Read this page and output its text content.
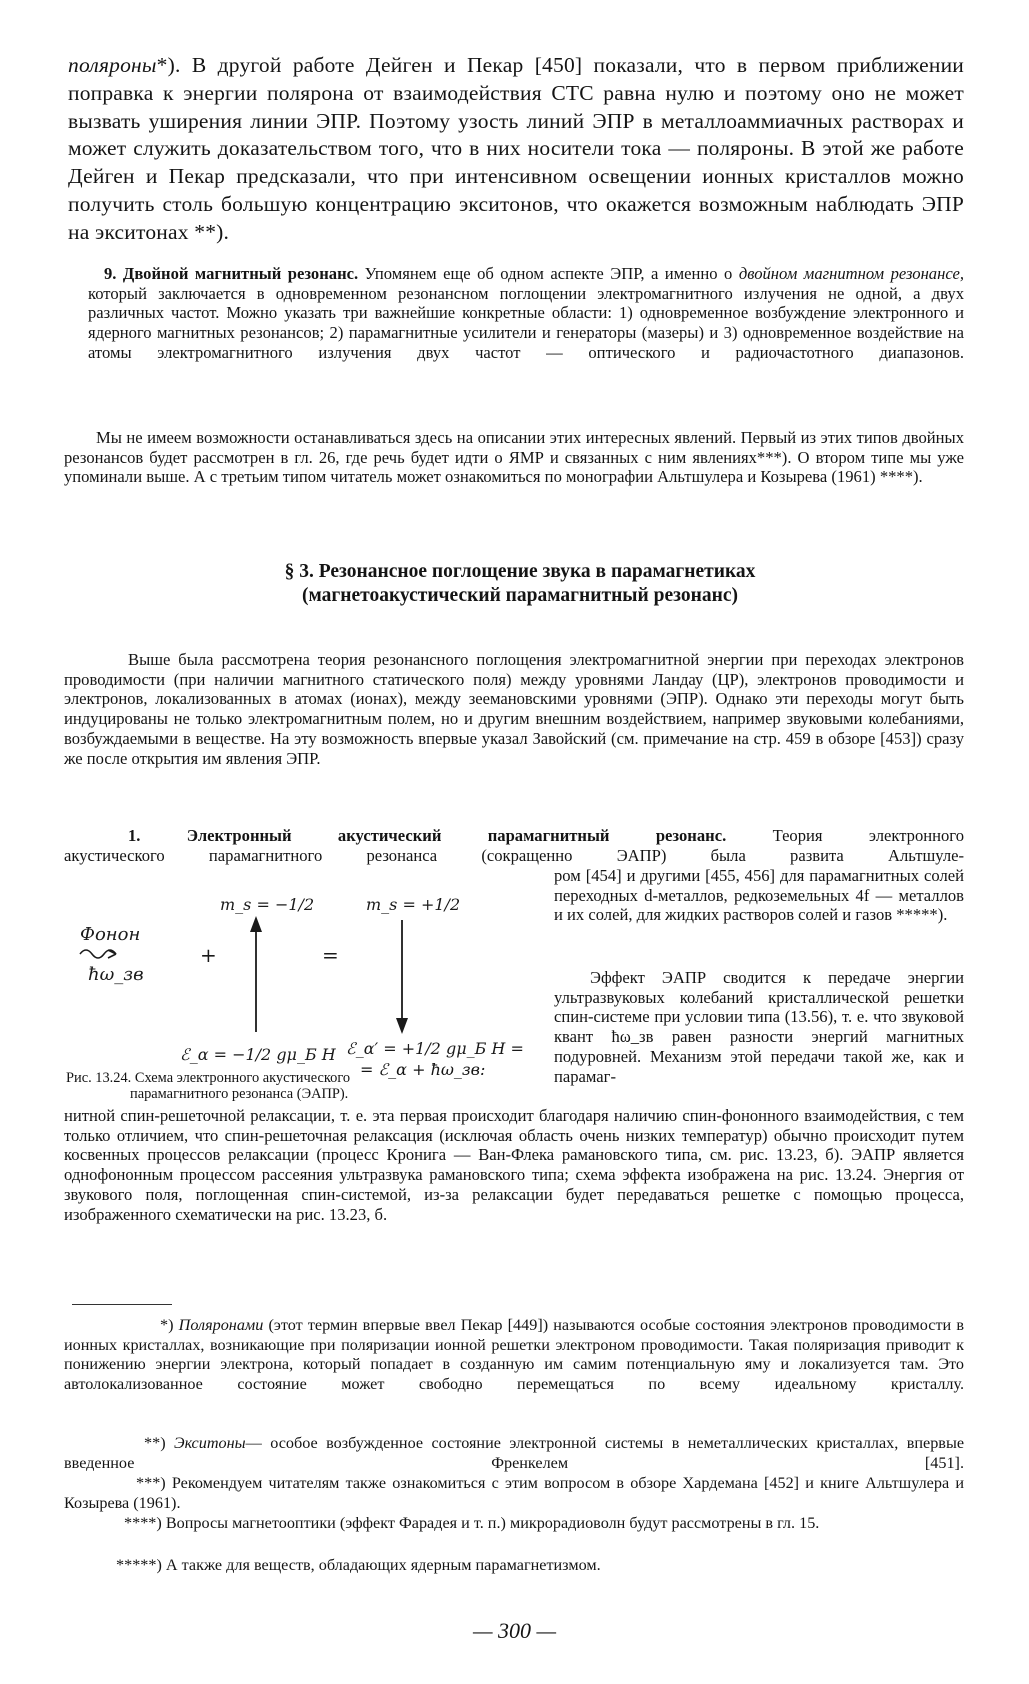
поляроны*). В другой работе Дейген и Пекар [450] показали, что в первом приближении поправка к энергии полярона от взаимодействия СТС равна нулю и поэтому оно не может вызвать уширения линии ЭПР. Поэтому узость линий ЭПР в металлоаммиачных растворах и может служить доказательством того, что в них носители тока — поляроны. В этой же работе Дейген и Пекар предсказали, что при интенсивном освещении ионных кристаллов можно получить столь большую концентрацию экситонов, что окажется возможным наблюдать ЭПР на экситонах **).

9. Двойной магнитный резонанс. Упомянем еще об одном аспекте ЭПР, а именно о двойном магнитном резонансе, который заключается в одновременном резонансном поглощении электромагнитного излучения не одной, а двух различных частот. Можно указать три важнейшие конкретные области: 1) одновременное возбуждение электронного и ядерного магнитных резонансов; 2) парамагнитные усилители и генераторы (мазеры) и 3) одновременное воздействие на атомы электромагнитного излучения двух частот — оптического и радиочастотного диапазонов.

Мы не имеем возможности останавливаться здесь на описании этих интересных явлений. Первый из этих типов двойных резонансов будет рассмотрен в гл. 26, где речь будет идти о ЯМР и связанных с ним явлениях***). О втором типе мы уже упоминали выше. А с третьим типом читатель может ознакомиться по монографии Альтшулера и Козырева (1961) ****).

§ 3. Резонансное поглощение звука в парамагнетиках
(магнетоакустический парамагнитный резонанс)

Выше была рассмотрена теория резонансного поглощения электромагнитной энергии при переходах электронов проводимости (при наличии магнитного статического поля) между уровнями Ландау (ЦР), электронов проводимости и электронов, локализованных в атомах (ионах), между зеемановскими уровнями (ЭПР). Однако эти переходы могут быть индуцированы не только электромагнитным полем, но и другим внешним воздействием, например звуковыми колебаниями, возбуждаемыми в веществе. На эту возможность впервые указал Завойский (см. примечание на стр. 459 в обзоре [453]) сразу же после открытия им явления ЭПР.

1. Электронный акустический парамагнитный резонанс.	Теория электронного

акустического парамагнитного резонанса (сокращенно ЭАПР) была развита Альтшуле-

ром [454] и другими [455, 456] для парамагнитных солей переходных d-металлов, редкоземельных 4f — металлов и их солей, для жидких растворов солей и газов *****).

Эффект ЭАПР сводится к передаче энергии ультразвуковых колебаний кристаллической решетки спин-системе при условии типа (13.56), т. е. что звуковой квант ħω_зв равен разности энергий магнитных подуровней. Механизм этой передачи такой же, как и парамаг-

Фонон
ħω_зв
+
m_s = −1/2
ℰ_α = −1/2 gμ_Б H
=
m_s = +1/2
ℰ_α′ = +1/2 gμ_Б H =
= ℰ_α + ħω_зв:

Рис. 13.24. Схема электронного акустического
парамагнитного резонанса (ЭАПР).

нитной спин-решеточной релаксации, т. е. эта первая происходит благодаря наличию спин-фононного взаимодействия, с тем только отличием, что спин-решеточная релаксация (исключая область очень низких температур) обычно происходит путем косвенных процессов релаксации (процесс Кронига — Ван-Флека рамановского типа, см. рис. 13.23, б). ЭАПР является однофононным процессом рассеяния ультразвука рамановского типа; схема эффекта изображена на рис. 13.24. Энергия от звукового поля, поглощенная спин-системой, из-за релаксации будет передаваться решетке с помощью процесса, изображенного схематически на рис. 13.23, б.

*) Поляронами (этот термин впервые ввел Пекар [449]) называются особые состояния электронов проводимости в ионных кристаллах, возникающие при поляризации ионной решетки электроном проводимости. Такая поляризация приводит к понижению энергии электрона, который попадает в созданную им самим потенциальную яму и локализуется там. Это автолокализованное состояние может свободно перемещаться по всему идеальному кристаллу.

**) Экситоны— особое возбужденное состояние электронной системы в неметаллических кристаллах, впервые введенное Френкелем [451].

***) Рекомендуем читателям также ознакомиться с этим вопросом в обзоре Хардемана [452] и книге Альтшулера и Козырева (1961).

****) Вопросы магнетооптики (эффект Фарадея и т. п.) микрорадиоволн будут рассмотрены в гл. 15.

*****) А также для веществ, обладающих ядерным парамагнетизмом.

— 300 —
